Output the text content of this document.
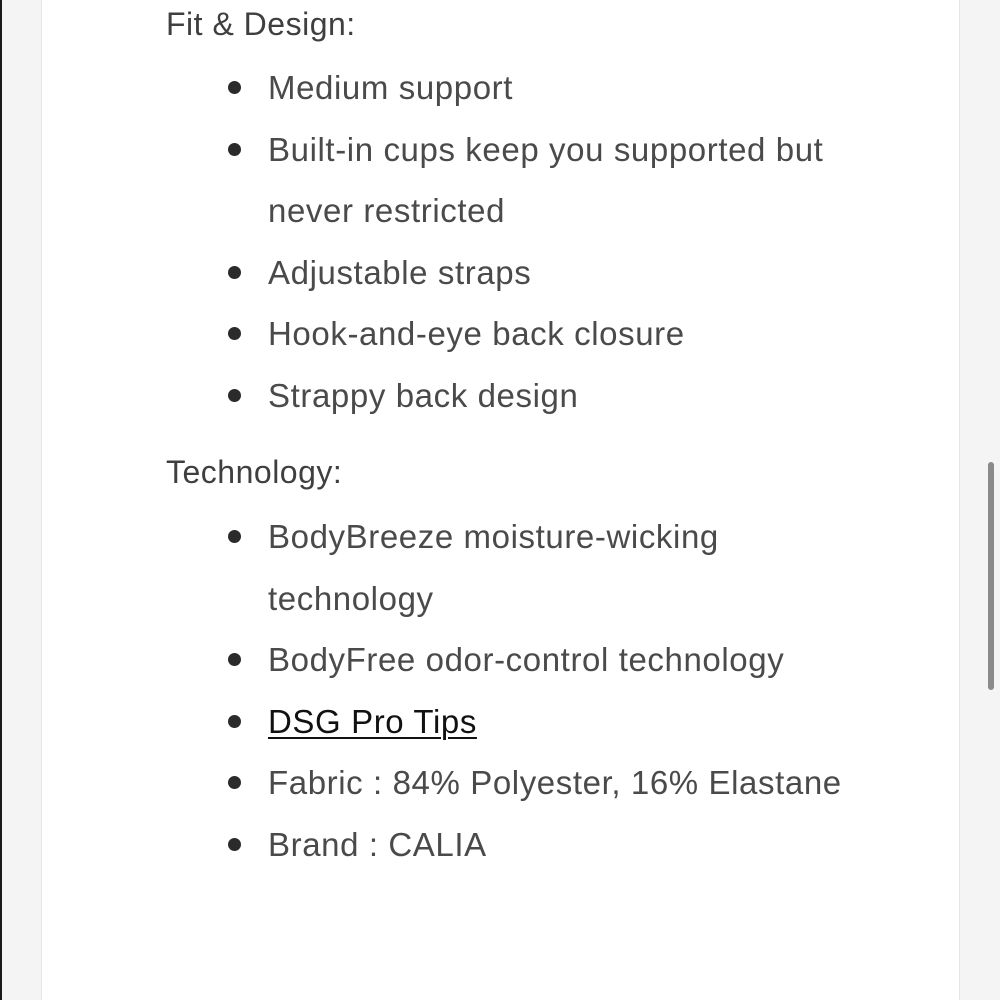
Fit & Design:
Medium support
Built-in cups keep you supported but never restricted
Adjustable straps
Hook-and-eye back closure
Strappy back design
Technology:
BodyBreeze moisture-wicking technology
BodyFree odor-control technology
DSG Pro Tips
Fabric : 84% Polyester, 16% Elastane
Brand : CALIA
